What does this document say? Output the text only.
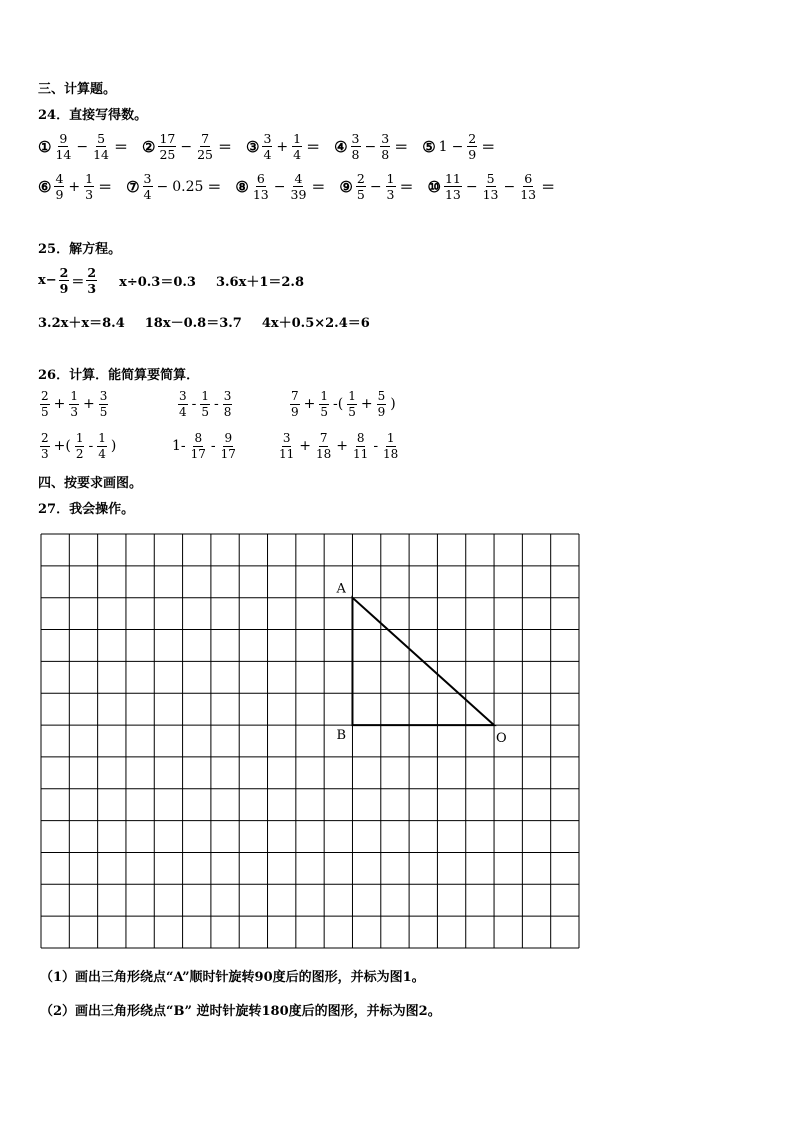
三、计算题。
24．直接写得数。
① $\frac{9}{14} - \frac{5}{14}$ ＝ ② $\frac{17}{25} - \frac{7}{25}$ ＝ ③ $\frac{3}{4} + \frac{1}{4}$ ＝ ④ $\frac{3}{8} - \frac{3}{8}$ ＝ ⑤ $1 - \frac{2}{9}$ ＝
⑥ $\frac{4}{9} + \frac{1}{3}$ ＝ ⑦ $\frac{3}{4} - 0.25$ ＝ ⑧ $\frac{6}{13} - \frac{4}{39}$ ＝ ⑨ $\frac{2}{5} - \frac{1}{3}$ ＝ ⑩ $\frac{11}{13} - \frac{5}{13} - \frac{6}{13}$ ＝
25．解方程。
$x- \frac{2}{9} = \frac{2}{3} x\div 0.3=0.3$ 3.6x＋1＝2.8
3.2x＋x＝8.4 18x－0.8＝3.7 4x＋0.5×2.4＝6
26．计算．能简算要简算．
$\frac{2}{5} + \frac{1}{3} + \frac{3}{5}$	$\frac{3}{4} - \frac{1}{5} - \frac{3}{8}$	$\frac{7}{9} + \frac{1}{5}$ -( $\frac{1}{5} + \frac{5}{9}$ )
$\frac{2}{3}$ +( $\frac{1}{2} - \frac{1}{4}$ )	$1- \frac{8}{17} - \frac{9}{17}$	$\frac{3}{11} + \frac{7}{18} + \frac{8}{11} - \frac{1}{18}$
四、按要求画图。
27．我会操作。
A
B	O
（1）画出三角形绕点“A”顺时针旋转90度后的图形，并标为图1。
（2）画出三角形绕点“B” 逆时针旋转180度后的图形，并标为图2。
